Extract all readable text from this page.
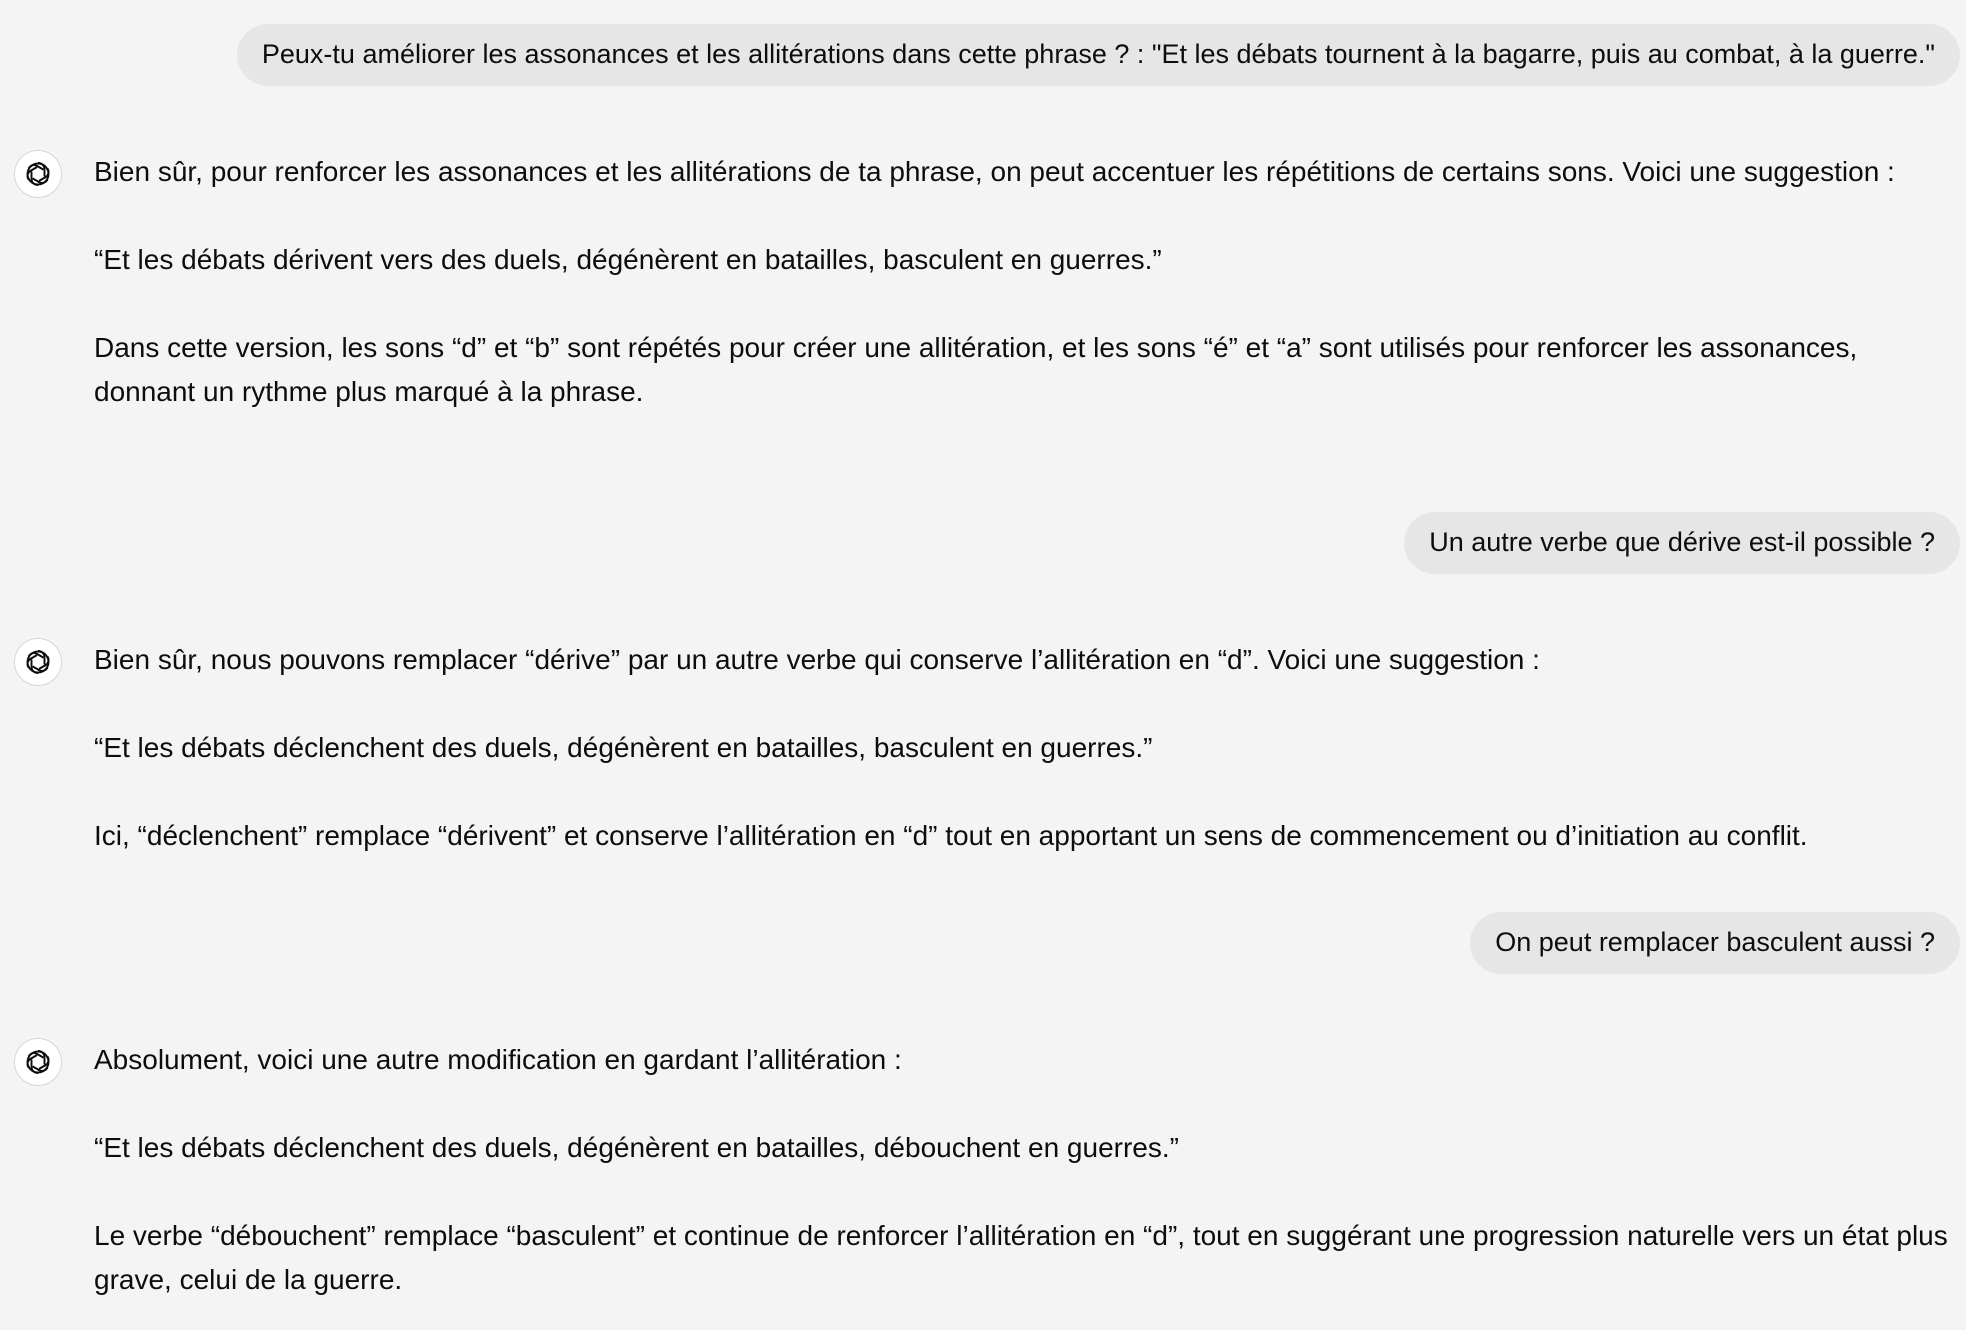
Peux-tu améliorer les assonances et les allitérations dans cette phrase ? : "Et les débats tournent à la bagarre, puis au combat, à la guerre."

Bien sûr, pour renforcer les assonances et les allitérations de ta phrase, on peut accentuer les répétitions de certains sons. Voici une suggestion :

“Et les débats dérivent vers des duels, dégénèrent en batailles, basculent en guerres.”

Dans cette version, les sons “d” et “b” sont répétés pour créer une allitération, et les sons “é” et “a” sont utilisés pour renforcer les assonances, donnant un rythme plus marqué à la phrase.

Un autre verbe que dérive est-il possible ?

Bien sûr, nous pouvons remplacer “dérive” par un autre verbe qui conserve l’allitération en “d”. Voici une suggestion :

“Et les débats déclenchent des duels, dégénèrent en batailles, basculent en guerres.”

Ici, “déclenchent” remplace “dérivent” et conserve l’allitération en “d” tout en apportant un sens de commencement ou d’initiation au conflit.

On peut remplacer basculent aussi ?

Absolument, voici une autre modification en gardant l’allitération :

“Et les débats déclenchent des duels, dégénèrent en batailles, débouchent en guerres.”

Le verbe “débouchent” remplace “basculent” et continue de renforcer l’allitération en “d”, tout en suggérant une progression naturelle vers un état plus grave, celui de la guerre.
